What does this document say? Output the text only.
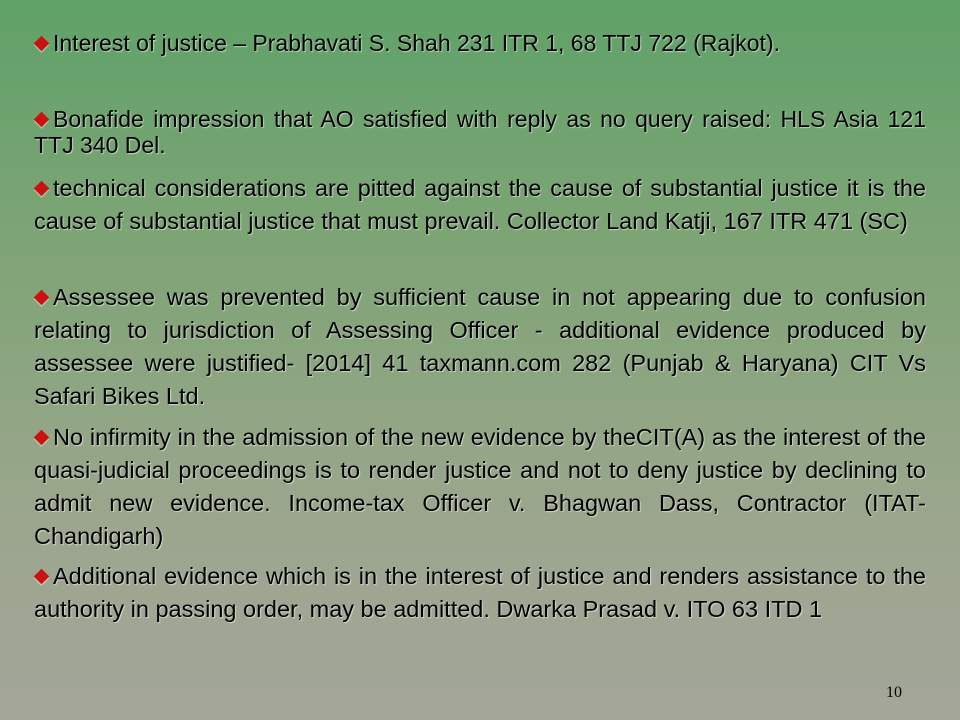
Interest of justice – Prabhavati S. Shah 231 ITR 1, 68 TTJ 722 (Rajkot).

Bonafide impression that AO satisfied with reply as no query raised: HLS Asia 121 TTJ 340 Del.

technical considerations are pitted against the cause of substantial justice it is the cause of substantial justice that must prevail. Collector Land Katji, 167 ITR 471 (SC)

Assessee was prevented by sufficient cause in not appearing due to confusion relating to jurisdiction of Assessing Officer - additional evidence produced by assessee were justified- [2014] 41 taxmann.com 282 (Punjab & Haryana) CIT Vs Safari Bikes Ltd.

No infirmity in the admission of the new evidence by theCIT(A) as the interest of the quasi-judicial proceedings is to render justice and not to deny justice by declining to admit new evidence. Income-tax Officer v. Bhagwan Dass, Contractor (ITAT- Chandigarh)

Additional evidence which is in the interest of justice and renders assistance to the authority in passing order, may be admitted. Dwarka Prasad v. ITO 63 ITD 1

10
